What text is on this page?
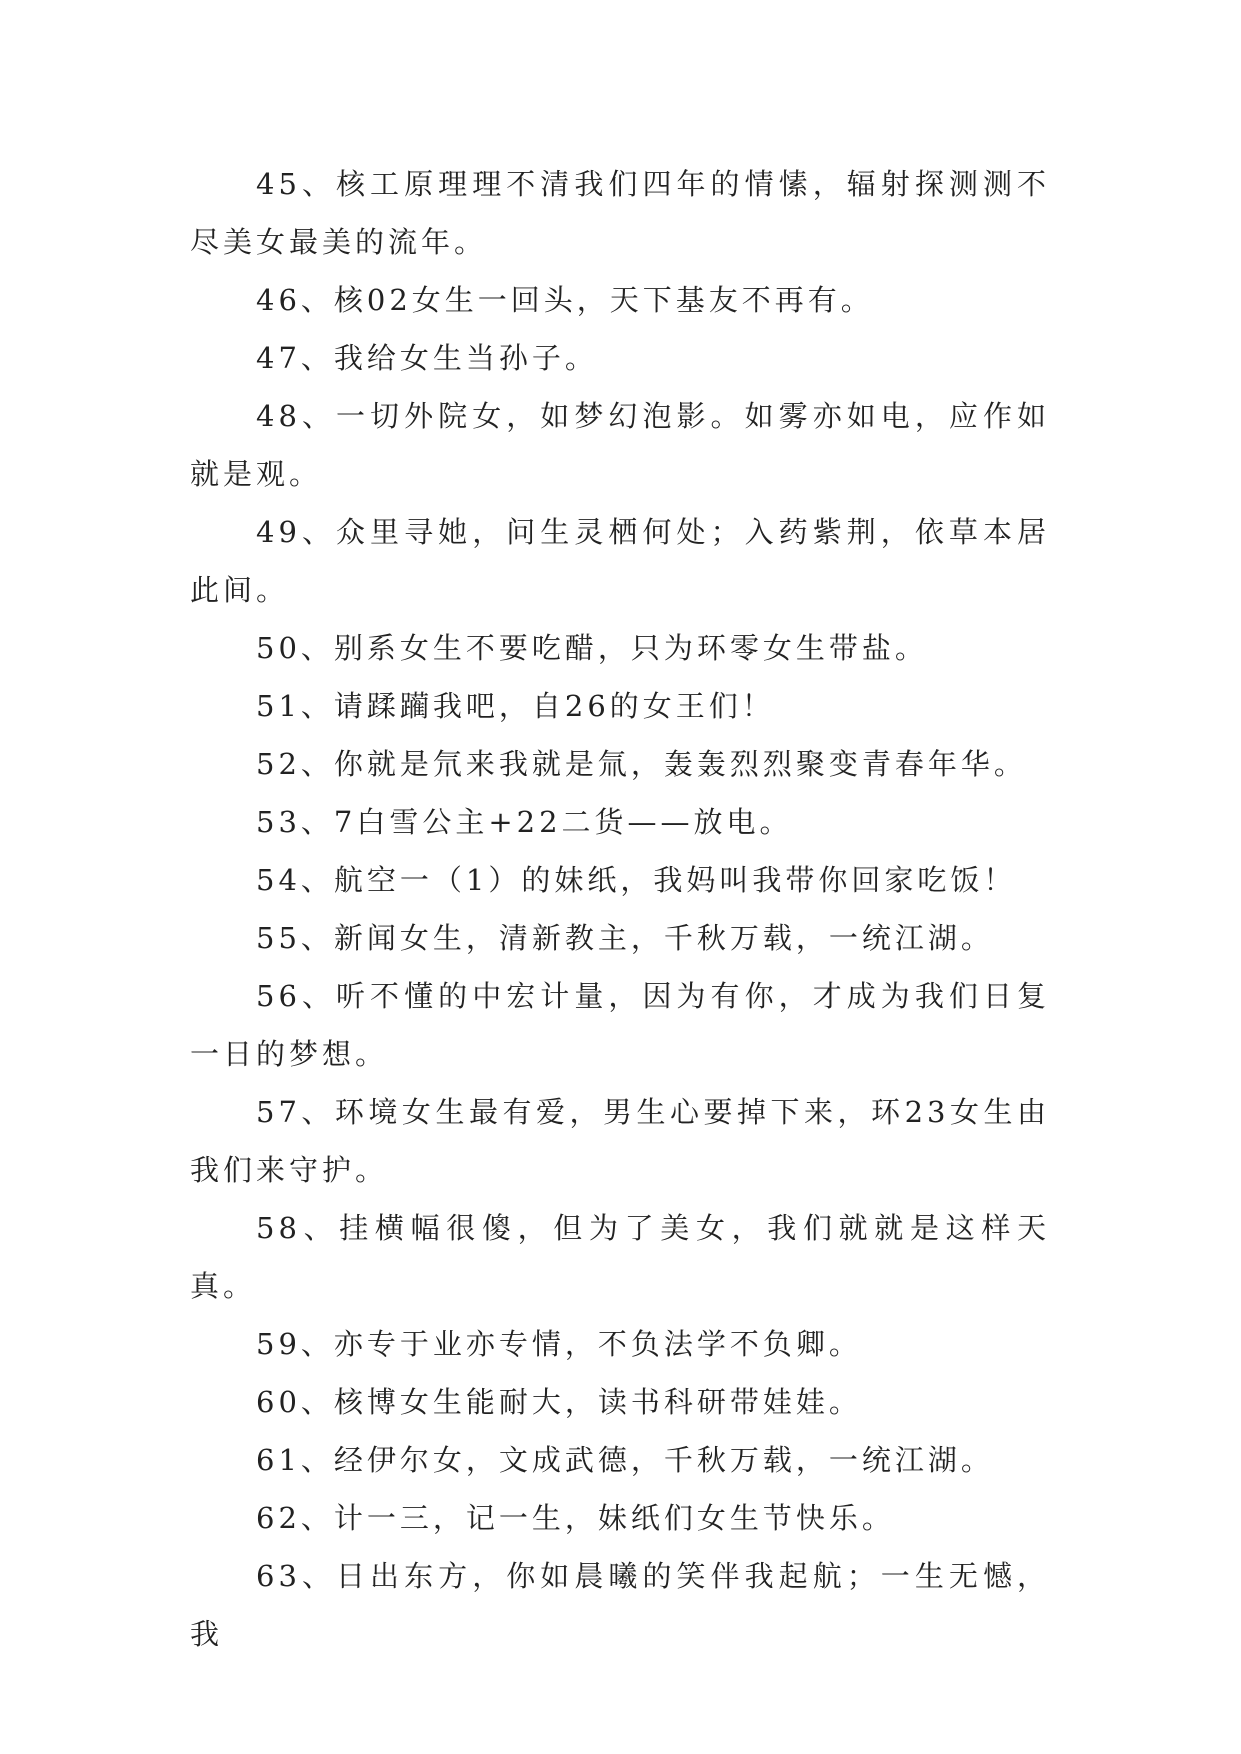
45、核工原理理不清我们四年的情愫，辐射探测测不尽美女最美的流年。

46、核02女生一回头，天下基友不再有。

47、我给女生当孙子。

48、一切外院女，如梦幻泡影。如雾亦如电，应作如就是观。

49、众里寻她，问生灵栖何处；入药紫荆，依草本居此间。

50、别系女生不要吃醋，只为环零女生带盐。

51、请蹂躏我吧，自26的女王们！

52、你就是氘来我就是氚，轰轰烈烈聚变青春年华。

53、7白雪公主+22二货——放电。

54、航空一（1）的妹纸，我妈叫我带你回家吃饭！

55、新闻女生，清新教主，千秋万载，一统江湖。

56、听不懂的中宏计量，因为有你，才成为我们日复一日的梦想。

57、环境女生最有爱，男生心要掉下来，环23女生由我们来守护。

58、挂横幅很傻，但为了美女，我们就就是这样天真。

59、亦专于业亦专情，不负法学不负卿。

60、核博女生能耐大，读书科研带娃娃。

61、经伊尔女，文成武德，千秋万载，一统江湖。

62、计一三，记一生，妹纸们女生节快乐。

63、日出东方，你如晨曦的笑伴我起航；一生无憾，我
